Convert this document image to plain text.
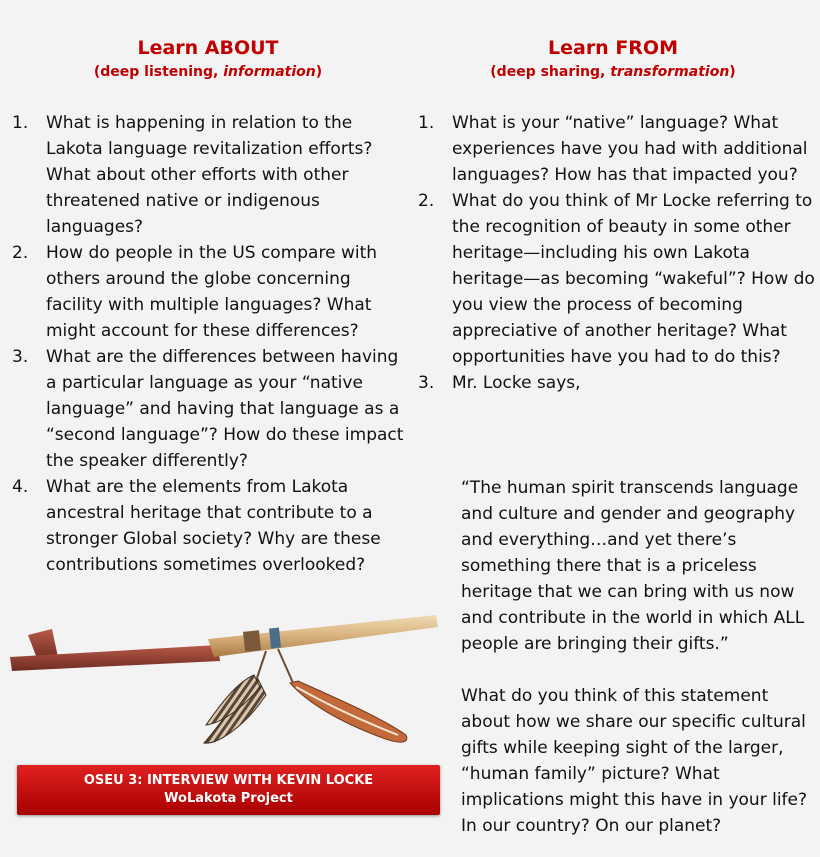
Learn ABOUT
(deep listening, information)
Learn FROM
(deep sharing, transformation)
1. What is happening in relation to the Lakota language revitalization efforts? What about other efforts with other threatened native or indigenous languages?
2. How do people in the US compare with others around the globe concerning facility with multiple languages? What might account for these differences?
3. What are the differences between having a particular language as your “native language” and having that language as a “second language”? How do these impact the speaker differently?
4. What are the elements from Lakota ancestral heritage that contribute to a stronger Global society? Why are these contributions sometimes overlooked?
1. What is your “native” language? What experiences have you had with additional languages? How has that impacted you?
2. What do you think of Mr Locke referring to the recognition of beauty in some other heritage—including his own Lakota heritage—as becoming “wakeful”? How do you view the process of becoming appreciative of another heritage? What opportunities have you had to do this?
3. Mr. Locke says,
“The human spirit transcends language and culture and gender and geography and everything…and yet there’s something there that is a priceless heritage that we can bring with us now and contribute in the world in which ALL people are bringing their gifts.”
What do you think of this statement about how we share our specific cultural gifts while keeping sight of the larger, “human family” picture? What implications might this have in your life? In our country? On our planet?
OSEU 3: INTERVIEW WITH KEVIN LOCKE
WoLakota Project
